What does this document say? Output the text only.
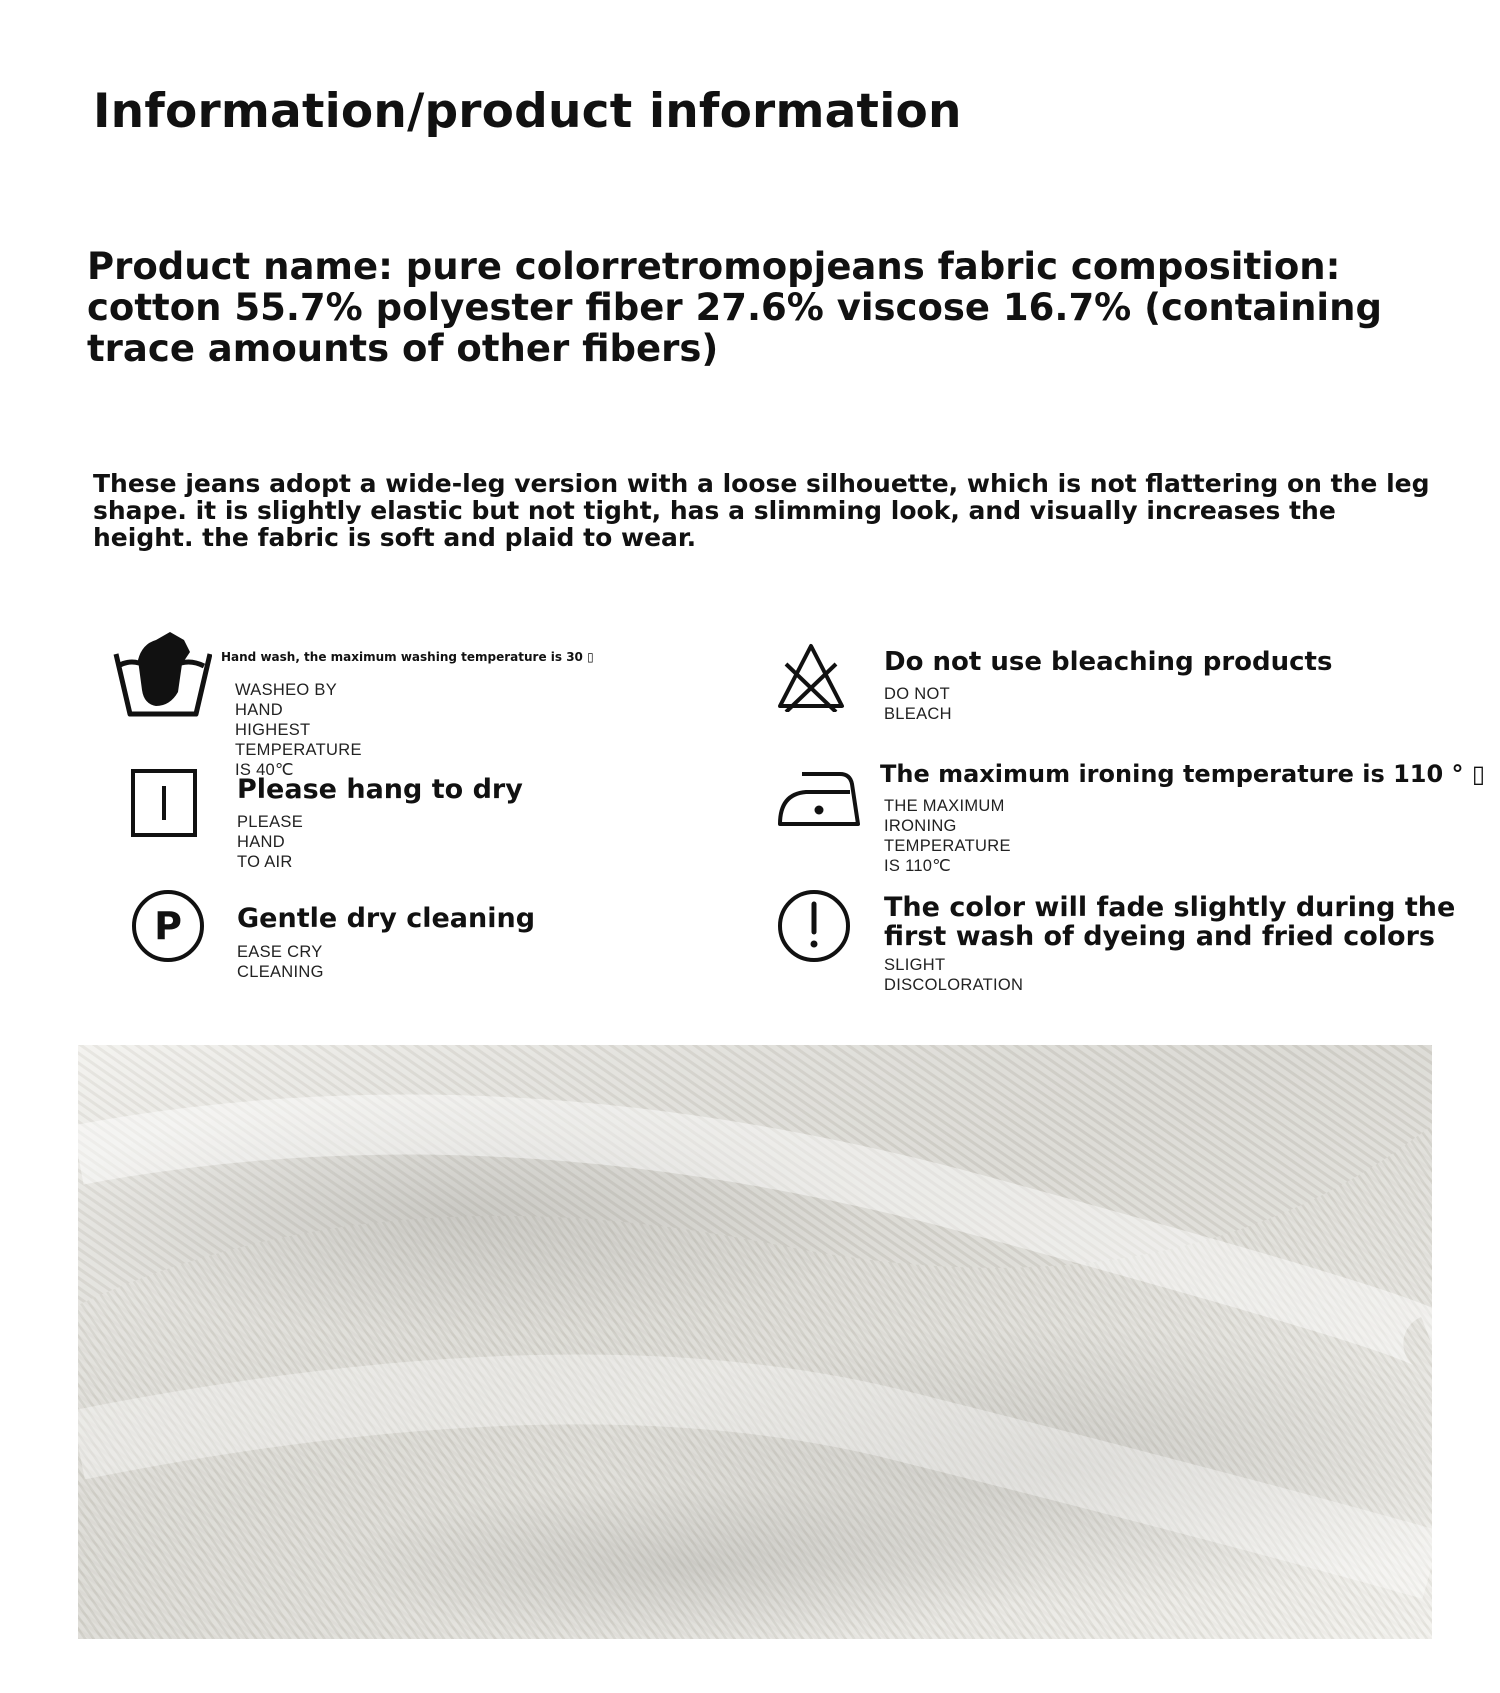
Information/product information

Product name: pure colorretromopjeans fabric composition: cotton 55.7% polyester fiber 27.6% viscose 16.7% (containing trace amounts of other fibers)

These jeans adopt a wide-leg version with a loose silhouette, which is not flattering on the leg shape. it is slightly elastic but not tight, has a slimming look, and visually increases the height. the fabric is soft and plaid to wear.

Hand wash, the maximum washing temperature is 30 ▯
WASHEO BY HAND
HIGHEST TEMPERATURE IS 40℃
Do not use bleaching products
DO NOT BLEACH
Please hang to dry
PLEASE HAND TO AIR
The maximum ironing temperature is 110 ° ▯
THE MAXIMUM
IRONING TEMPERATURE IS 110℃
P Gentle dry cleaning
EASE CRY CLEANING
The color will fade slightly during the first wash of dyeing and fried colors
SLIGHT DISCOLORATION
